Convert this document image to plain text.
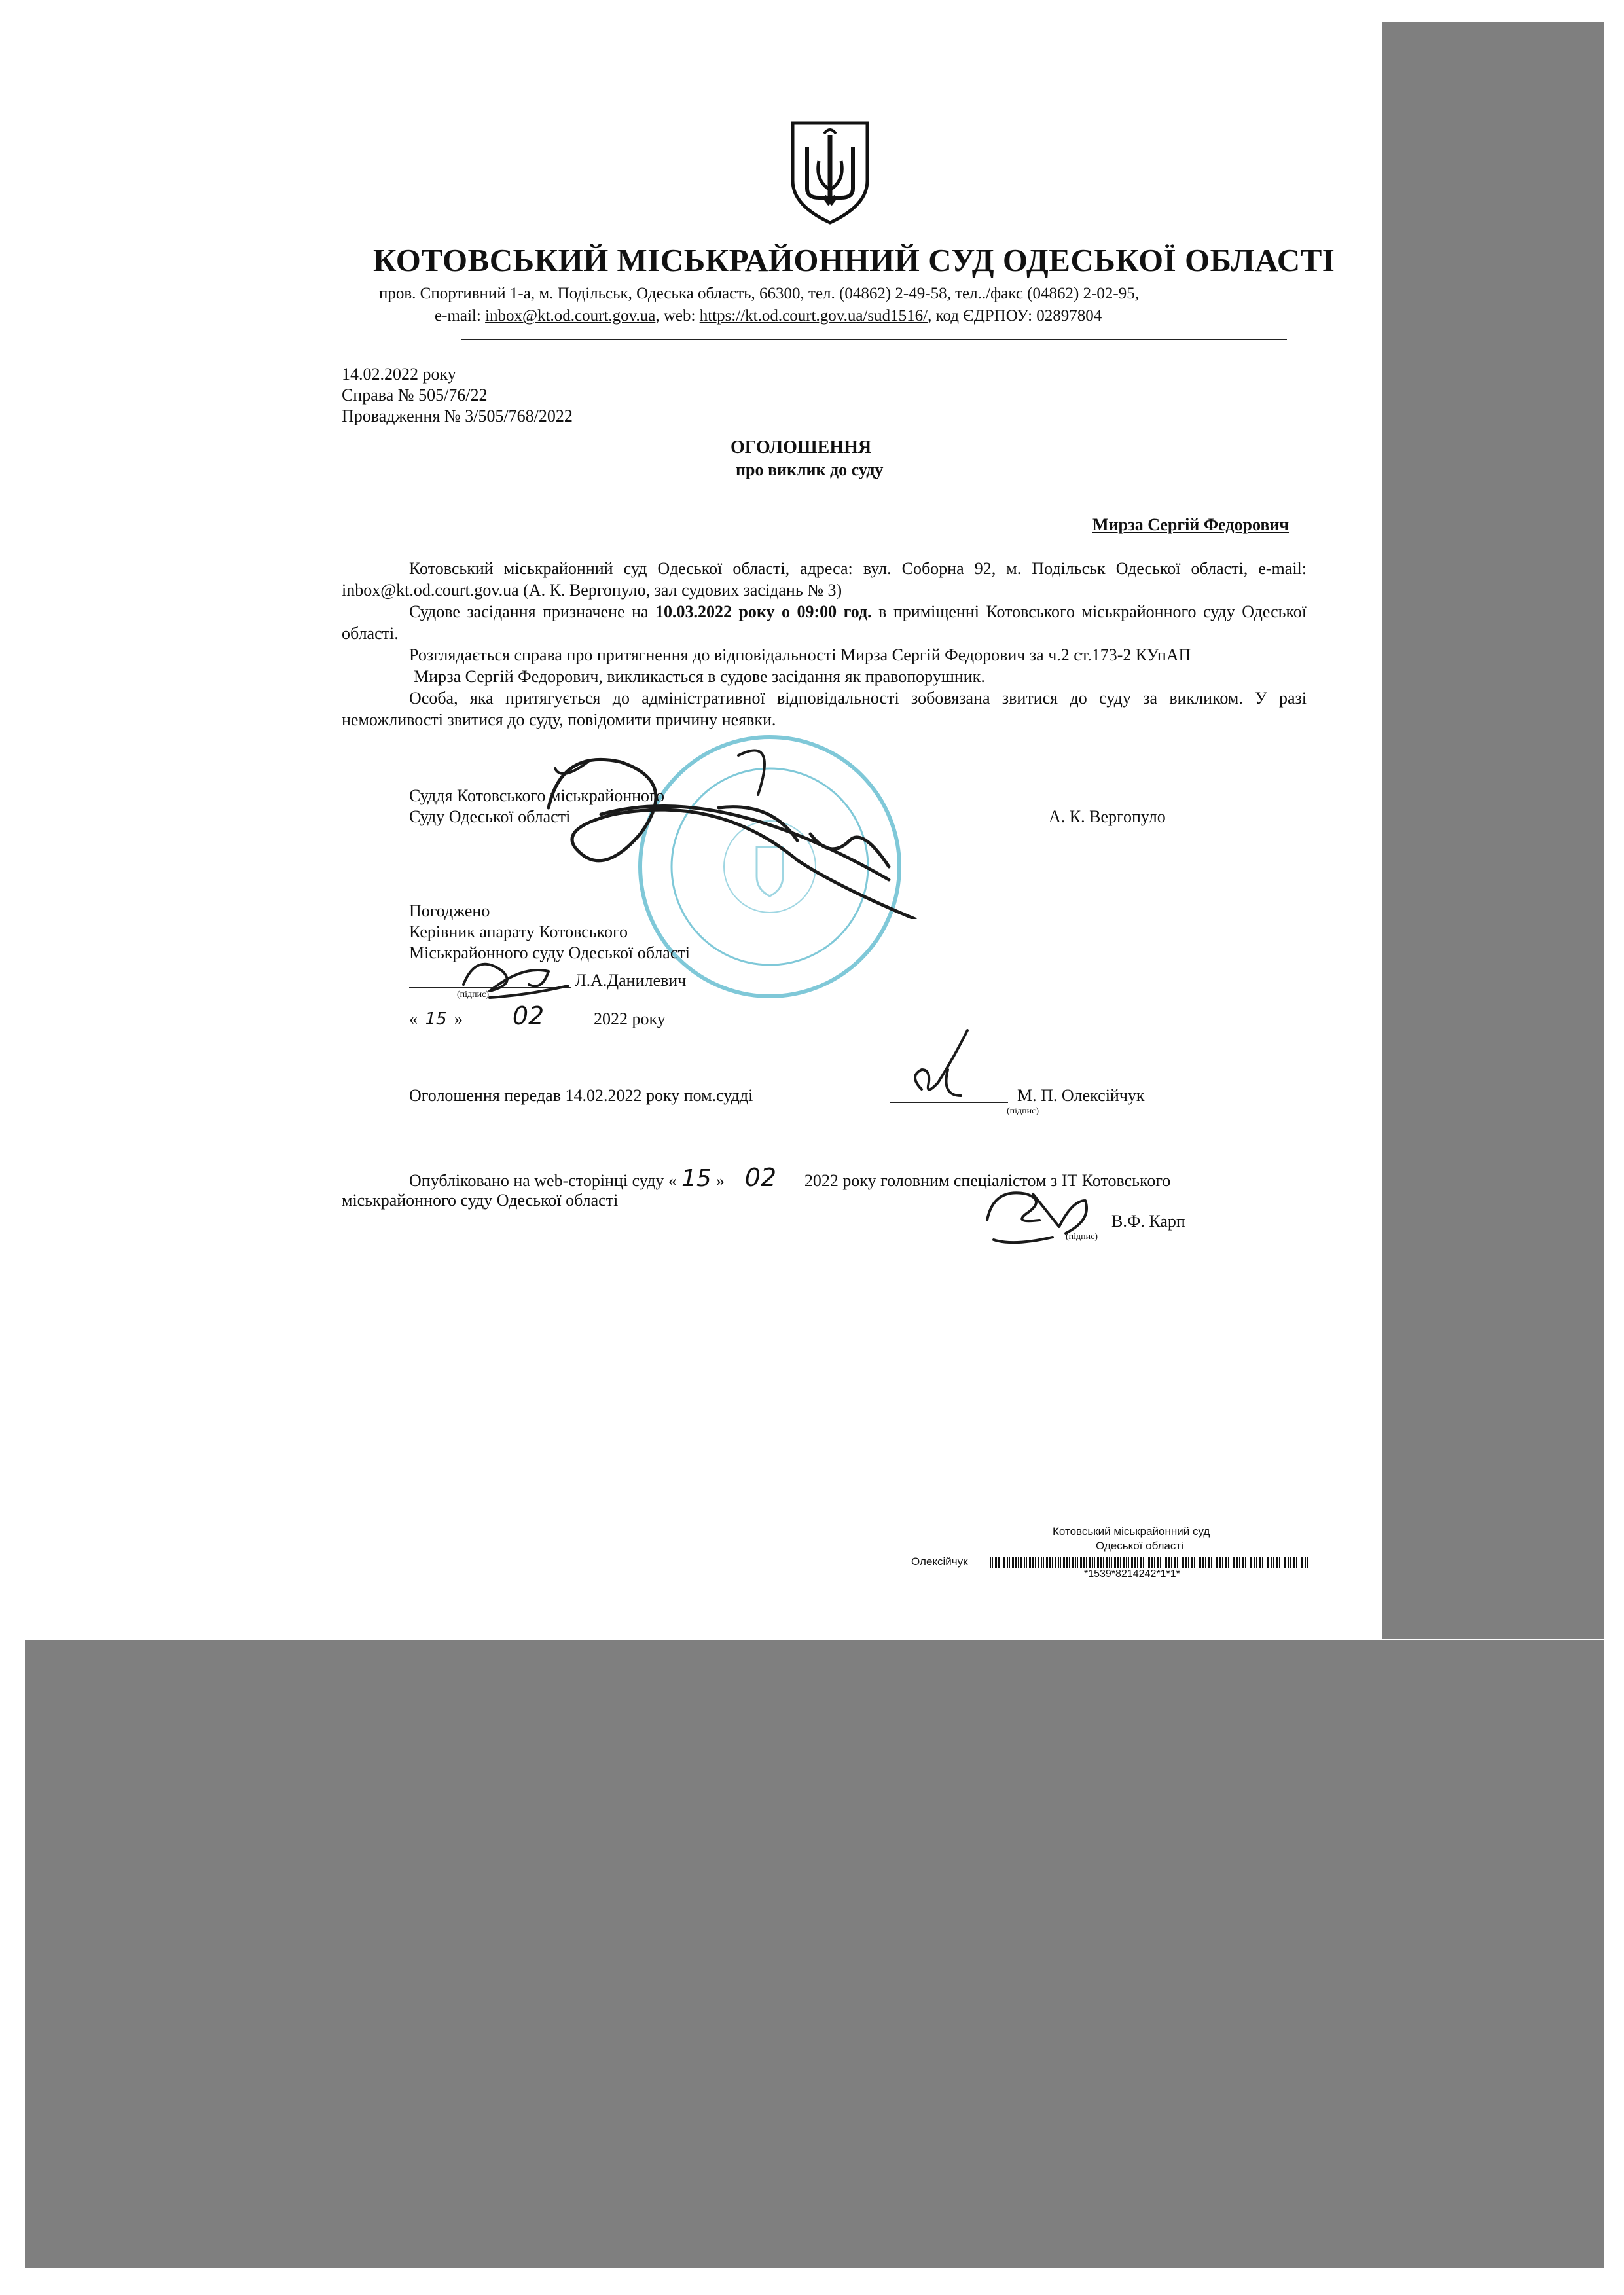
КОТОВСЬКИЙ МІСЬКРАЙОННИЙ СУД ОДЕСЬКОЇ ОБЛАСТІ
пров. Спортивний 1-а, м. Подільськ, Одеська область, 66300, тел. (04862) 2-49-58, тел../факс (04862) 2-02-95,
e-mail: inbox@kt.od.court.gov.ua, web: https://kt.od.court.gov.ua/sud1516/, код ЄДРПОУ: 02897804
14.02.2022 року
Справа № 505/76/22
Провадження № 3/505/768/2022
ОГОЛОШЕННЯ
про виклик до суду
Мирза Сергій Федорович
Котовський міськрайонний суд Одеської області, адреса: вул. Соборна 92, м. Подільськ Одеської області, e-mail: inbox@kt.od.court.gov.ua (А. К. Вергопуло, зал судових засідань № 3)
Судове засідання призначене на 10.03.2022 року о 09:00 год. в приміщенні Котовського міськрайонного суду Одеської області.
Розглядається справа про притягнення до відповідальності Мирза Сергій Федорович за ч.2 ст.173-2 КУпАП
Мирза Сергій Федорович, викликається в судове засідання як правопорушник.
Особа, яка притягується до адміністративної відповідальності зобовязана звитися до суду за викликом. У разі неможливості звитися до суду, повідомити причину неявки.
Суддя Котовського міськрайонного
Суду Одеської області	А. К. Вергопуло
Погоджено
Керівник апарату Котовського
Міськрайонного суду Одеської області
Л.А.Данилевич
(підпис)
« 15 » 02	2022 року
Оголошення передав 14.02.2022 року пом.судді	М. П. Олексійчук
(підпис)
Опубліковано на web-сторінці суду « 15 » 02 2022 року головним спеціалістом з ІТ Котовського
міськрайонного суду Одеської області
В.Ф. Карп
(підпис)
Котовський міськрайонний суд
Одеської області
Олексійчук
*1539*8214242*1*1*
